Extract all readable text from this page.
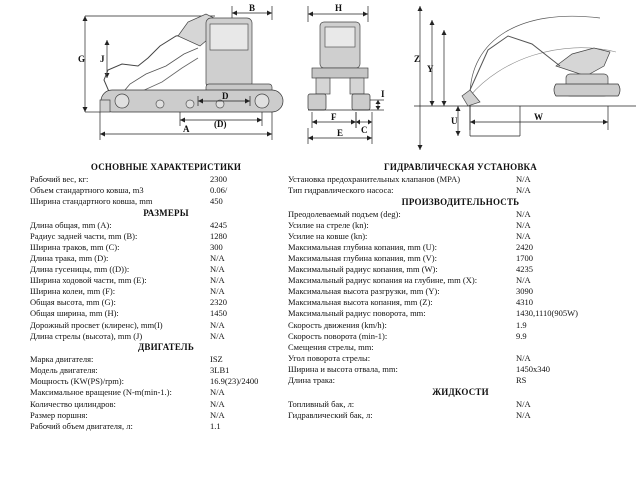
B
G J
D
(D)
A
H
I
F
C
E
Z
Y
U	W
ОСНОВНЫЕ ХАРАКТЕРИСТИКИ
Рабочий вес, кг:	2300
Объем стандартного ковша, m3	0.06/
Ширина стандартного ковша, mm	450
РАЗМЕРЫ
Длина общая, mm (A):	4245
Радиус задней части, mm (B):	1280
Ширина траков, mm (C):	300
Длина трака, mm (D):	N/A
Длина гусеницы, mm ((D)):	N/A
Ширина ходовой части, mm (E):	N/A
Ширина колеи, mm (F):	N/A
Общая высота, mm (G):	2320
Общая ширина, mm (H):	1450
Дорожный просвет (клиренс), mm(I)	N/A
Длина стрелы (высота), mm (J)	N/A
ДВИГАТЕЛЬ
Марка двигателя:	ISZ
Модель двигателя:	3LB1
Мощность (KW(PS)/rpm):	16.9(23)/2400
Максимальное вращение (N-m(min-1.):	N/A
Количество цилиндров:	N/A
Размер поршня:	N/A
Рабочий объем двигателя, л:	1.1
ГИДРАВЛИЧЕСКАЯ УСТАНОВКА
Установка предохранительных клапанов (MPA)	N/A
Тип гидравлического насоса:	N/A
ПРОИЗВОДИТЕЛЬНОСТЬ
Преодолеваемый подъем (deg):	N/A
Усилие на стреле (kn):	N/A
Усилие на ковше (kn):	N/A
Максимальная глубина копания, mm (U):	2420
Максимальная глубина копания, mm (V):	1700
Максимальный радиус копания, mm (W):	4235
Максимальный радиус копания на глубине, mm (X):	N/A
Максимальная высота разгрузки, mm (Y):	3090
Максимальная высота копания, mm (Z):	4310
Максимальный радиус поворота, mm:	1430,1110(905W)
Скорость движения (km/h):	1.9
Скорость поворота (min-1):	9.9
Смещения стрелы, mm:
Угол поворота стрелы:	N/A
Ширина и высота отвала, mm:	1450x340
Длина трака:	RS
ЖИДКОСТИ
Топливный бак, л:	N/A
Гидравлический бак, л:	N/A
